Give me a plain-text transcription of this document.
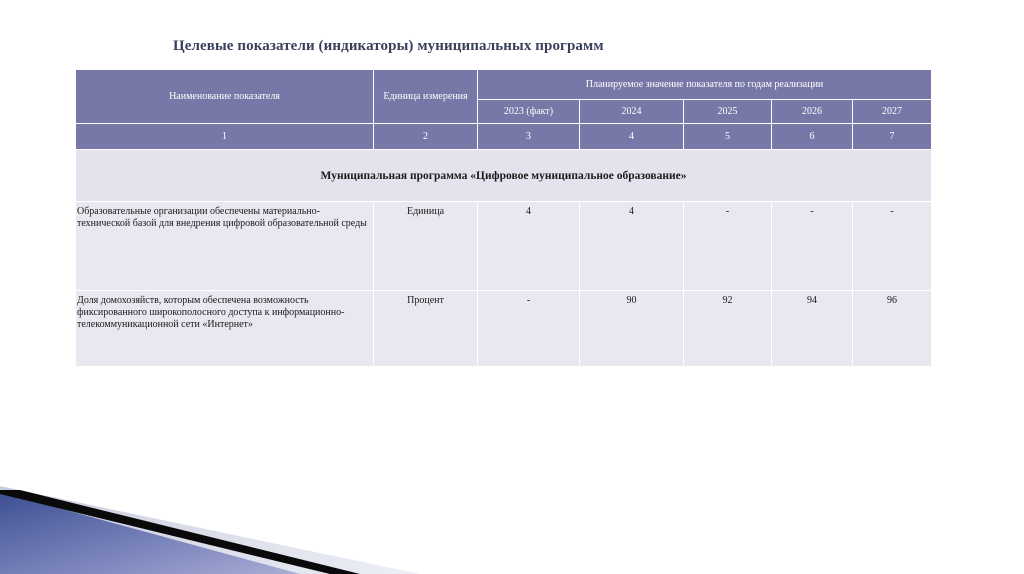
Целевые показатели (индикаторы) муниципальных программ
Наименование показателя	Единица измерения	Планируемое значение показателя по годам реализации				
		2023 (факт)	2024	2025	2026	2027
1	2	3	4	5	6	7
Муниципальная программа «Цифровое муниципальное образование»						
Образовательные организации обеспечены материально-технической базой для внедрения цифровой образовательной среды	Единица	4	4	-	-	-
Доля домохозяйств, которым обеспечена возможность фиксированного широкополосного доступа к информационно-телекоммуникационной сети «Интернет»	Процент	-	90	92	94	96
